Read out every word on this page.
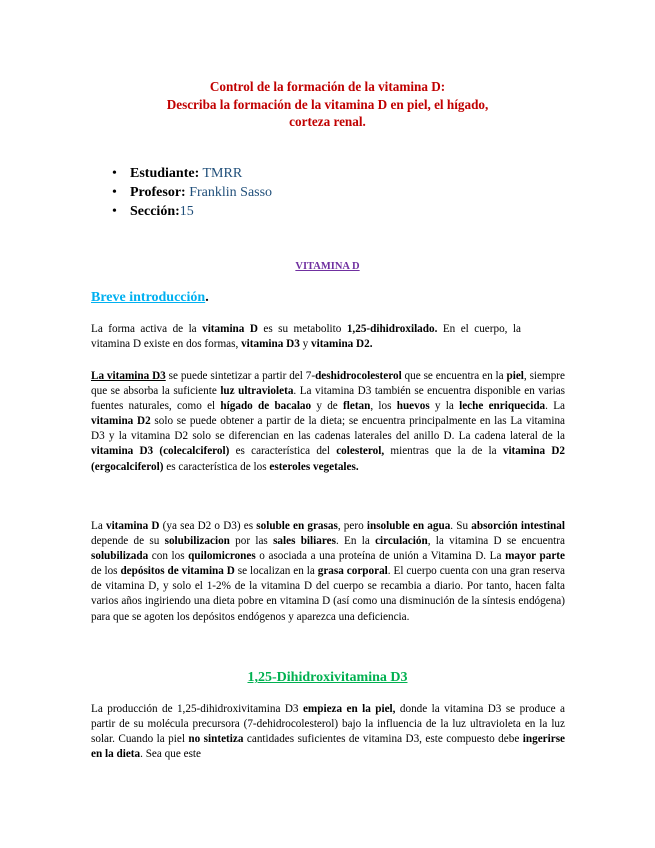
Control de la formación de la vitamina D:
Describa la formación de la vitamina D en piel, el hígado,
corteza renal.
• Estudiante: TMRR
• Profesor: Franklin Sasso
• Sección:15
VITAMINA D
Breve introducción.
La forma activa de la vitamina D es su metabolito 1,25-dihidroxilado. En el cuerpo, la vitamina D existe en dos formas, vitamina D3 y vitamina D2.
La vitamina D3 se puede sintetizar a partir del 7-deshidrocolesterol que se encuentra en la piel, siempre que se absorba la suficiente luz ultravioleta. La vitamina D3 también se encuentra disponible en varias fuentes naturales, como el hígado de bacalao y de fletan, los huevos y la leche enriquecida. La vitamina D2 solo se puede obtener a partir de la dieta; se encuentra principalmente en las La vitamina D3 y la vitamina D2 solo se diferencian en las cadenas laterales del anillo D. La cadena lateral de la vitamina D3 (colecalciferol) es característica del colesterol, mientras que la de la vitamina D2 (ergocalciferol) es característica de los esteroles vegetales.
La vitamina D (ya sea D2 o D3) es soluble en grasas, pero insoluble en agua. Su absorción intestinal depende de su solubilizacion por las sales biliares. En la circulación, la vitamina D se encuentra solubilizada con los quilomicrones o asociada a una proteína de unión a Vitamina D. La mayor parte de los depósitos de vitamina D se localizan en la grasa corporal. El cuerpo cuenta con una gran reserva de vitamina D, y solo el 1-2% de la vitamina D del cuerpo se recambia a diario. Por tanto, hacen falta varios años ingiriendo una dieta pobre en vitamina D (así como una disminución de la síntesis endógena) para que se agoten los depósitos endógenos y aparezca una deficiencia.
1,25-Dihidroxivitamina D3
La producción de 1,25-dihidroxivitamina D3 empieza en la piel, donde la vitamina D3 se produce a partir de su molécula precursora (7-dehidrocolesterol) bajo la influencia de la luz ultravioleta en la luz solar. Cuando la piel no sintetiza cantidades suficientes de vitamina D3, este compuesto debe ingerirse en la dieta. Sea que este
